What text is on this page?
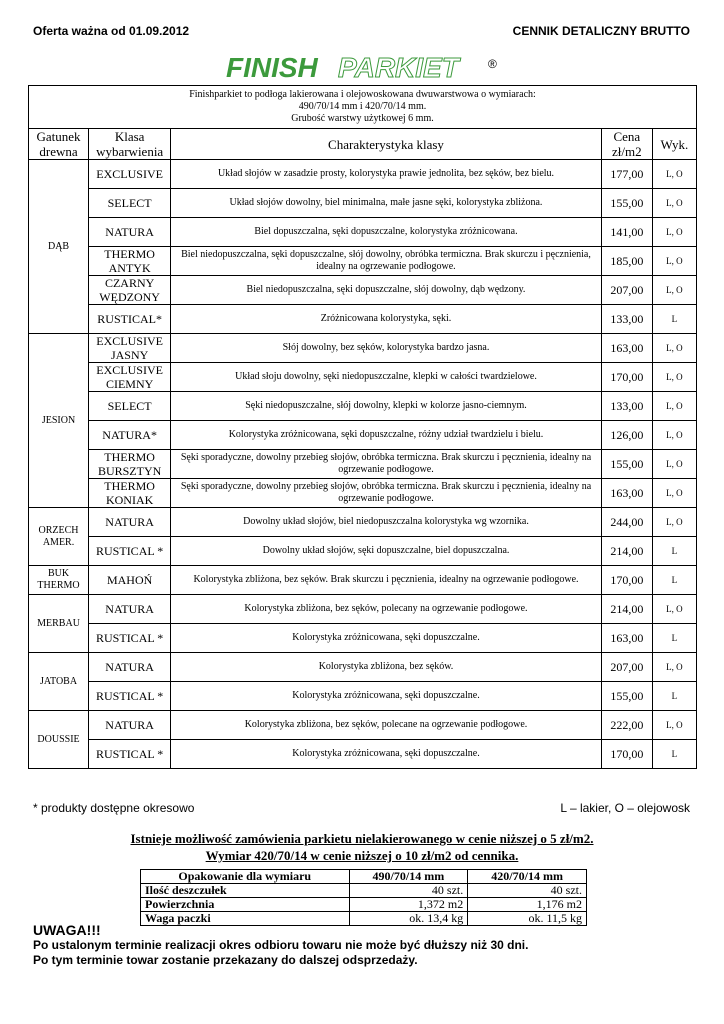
Oferta ważna od 01.09.2012	CENNIK DETALICZNY BRUTTO
FINISH PARKIET ®
Finishparkiet to podłoga lakierowana i olejowoskowana dwuwarstwowa o wymiarach:
490/70/14 mm i 420/70/14 mm.
Grubość warstwy użytkowej 6 mm.				

Gatunek drewna	Klasa wybarwienia	Charakterystyka klasy	Cena zł/m2	Wyk.
DĄB	EXCLUSIVE	Układ słojów w zasadzie prosty, kolorystyka prawie jednolita, bez sęków, bez bielu.	177,00	L, O
	SELECT	Układ słojów dowolny, biel minimalna, małe jasne sęki, kolorystyka zbliżona.	155,00	L, O
	NATURA	Biel dopuszczalna, sęki dopuszczalne, kolorystyka zróżnicowana.	141,00	L, O
	THERMO ANTYK	Biel niedopuszczalna, sęki dopuszczalne, słój dowolny, obróbka termiczna. Brak skurczu i pęcznienia, idealny na ogrzewanie podłogowe.	185,00	L, O
	CZARNY WĘDZONY	Biel niedopuszczalna, sęki dopuszczalne, słój dowolny, dąb wędzony.	207,00	L, O
	RUSTICAL*	Zróżnicowana kolorystyka, sęki.	133,00	L
JESION	EXCLUSIVE JASNY	Słój dowolny, bez sęków, kolorystyka bardzo jasna.	163,00	L, O
	EXCLUSIVE CIEMNY	Układ słoju dowolny, sęki niedopuszczalne, klepki w całości twardzielowe.	170,00	L, O
	SELECT	Sęki niedopuszczalne, słój dowolny, klepki w kolorze jasno-ciemnym.	133,00	L, O
	NATURA*	Kolorystyka zróżnicowana, sęki dopuszczalne, różny udział twardzielu i bielu.	126,00	L, O
	THERMO BURSZTYN	Sęki sporadyczne, dowolny przebieg słojów, obróbka termiczna. Brak skurczu i pęcznienia, idealny na ogrzewanie podłogowe.	155,00	L, O
	THERMO KONIAK	Sęki sporadyczne, dowolny przebieg słojów, obróbka termiczna. Brak skurczu i pęcznienia, idealny na ogrzewanie podłogowe.	163,00	L, O
ORZECH AMER.	NATURA	Dowolny układ słojów, biel niedopuszczalna kolorystyka wg wzornika.	244,00	L, O
	RUSTICAL *	Dowolny układ słojów, sęki dopuszczalne, biel dopuszczalna.	214,00	L
BUK THERMO	MAHOŃ	Kolorystyka zbliżona, bez sęków. Brak skurczu i pęcznienia, idealny na ogrzewanie podłogowe.	170,00	L
MERBAU	NATURA	Kolorystyka zbliżona, bez sęków, polecany na ogrzewanie podłogowe.	214,00	L, O
	RUSTICAL *	Kolorystyka zróżnicowana, sęki dopuszczalne.	163,00	L
JATOBA	NATURA	Kolorystyka zbliżona, bez sęków.	207,00	L, O
	RUSTICAL *	Kolorystyka zróżnicowana, sęki dopuszczalne.	155,00	L
DOUSSIE	NATURA	Kolorystyka zbliżona, bez sęków, polecane na ogrzewanie podłogowe.	222,00	L, O
	RUSTICAL *	Kolorystyka zróżnicowana, sęki dopuszczalne.	170,00	L
* produkty dostępne okresowo	L – lakier, O – olejowosk
Istnieje możliwość zamówienia parkietu nielakierowanego w cenie niższej o 5 zł/m2.
Wymiar 420/70/14 w cenie niższej o 10 zł/m2 od cennika.
Opakowanie dla wymiaru	490/70/14 mm	420/70/14 mm
Ilość deszczułek	40 szt.	40 szt.
Powierzchnia	1,372 m2	1,176 m2
Waga paczki	ok. 13,4 kg	ok. 11,5 kg
UWAGA!!!
Po ustalonym terminie realizacji okres odbioru towaru nie może być dłuższy niż 30 dni.
Po tym terminie towar zostanie przekazany do dalszej odsprzedaży.
